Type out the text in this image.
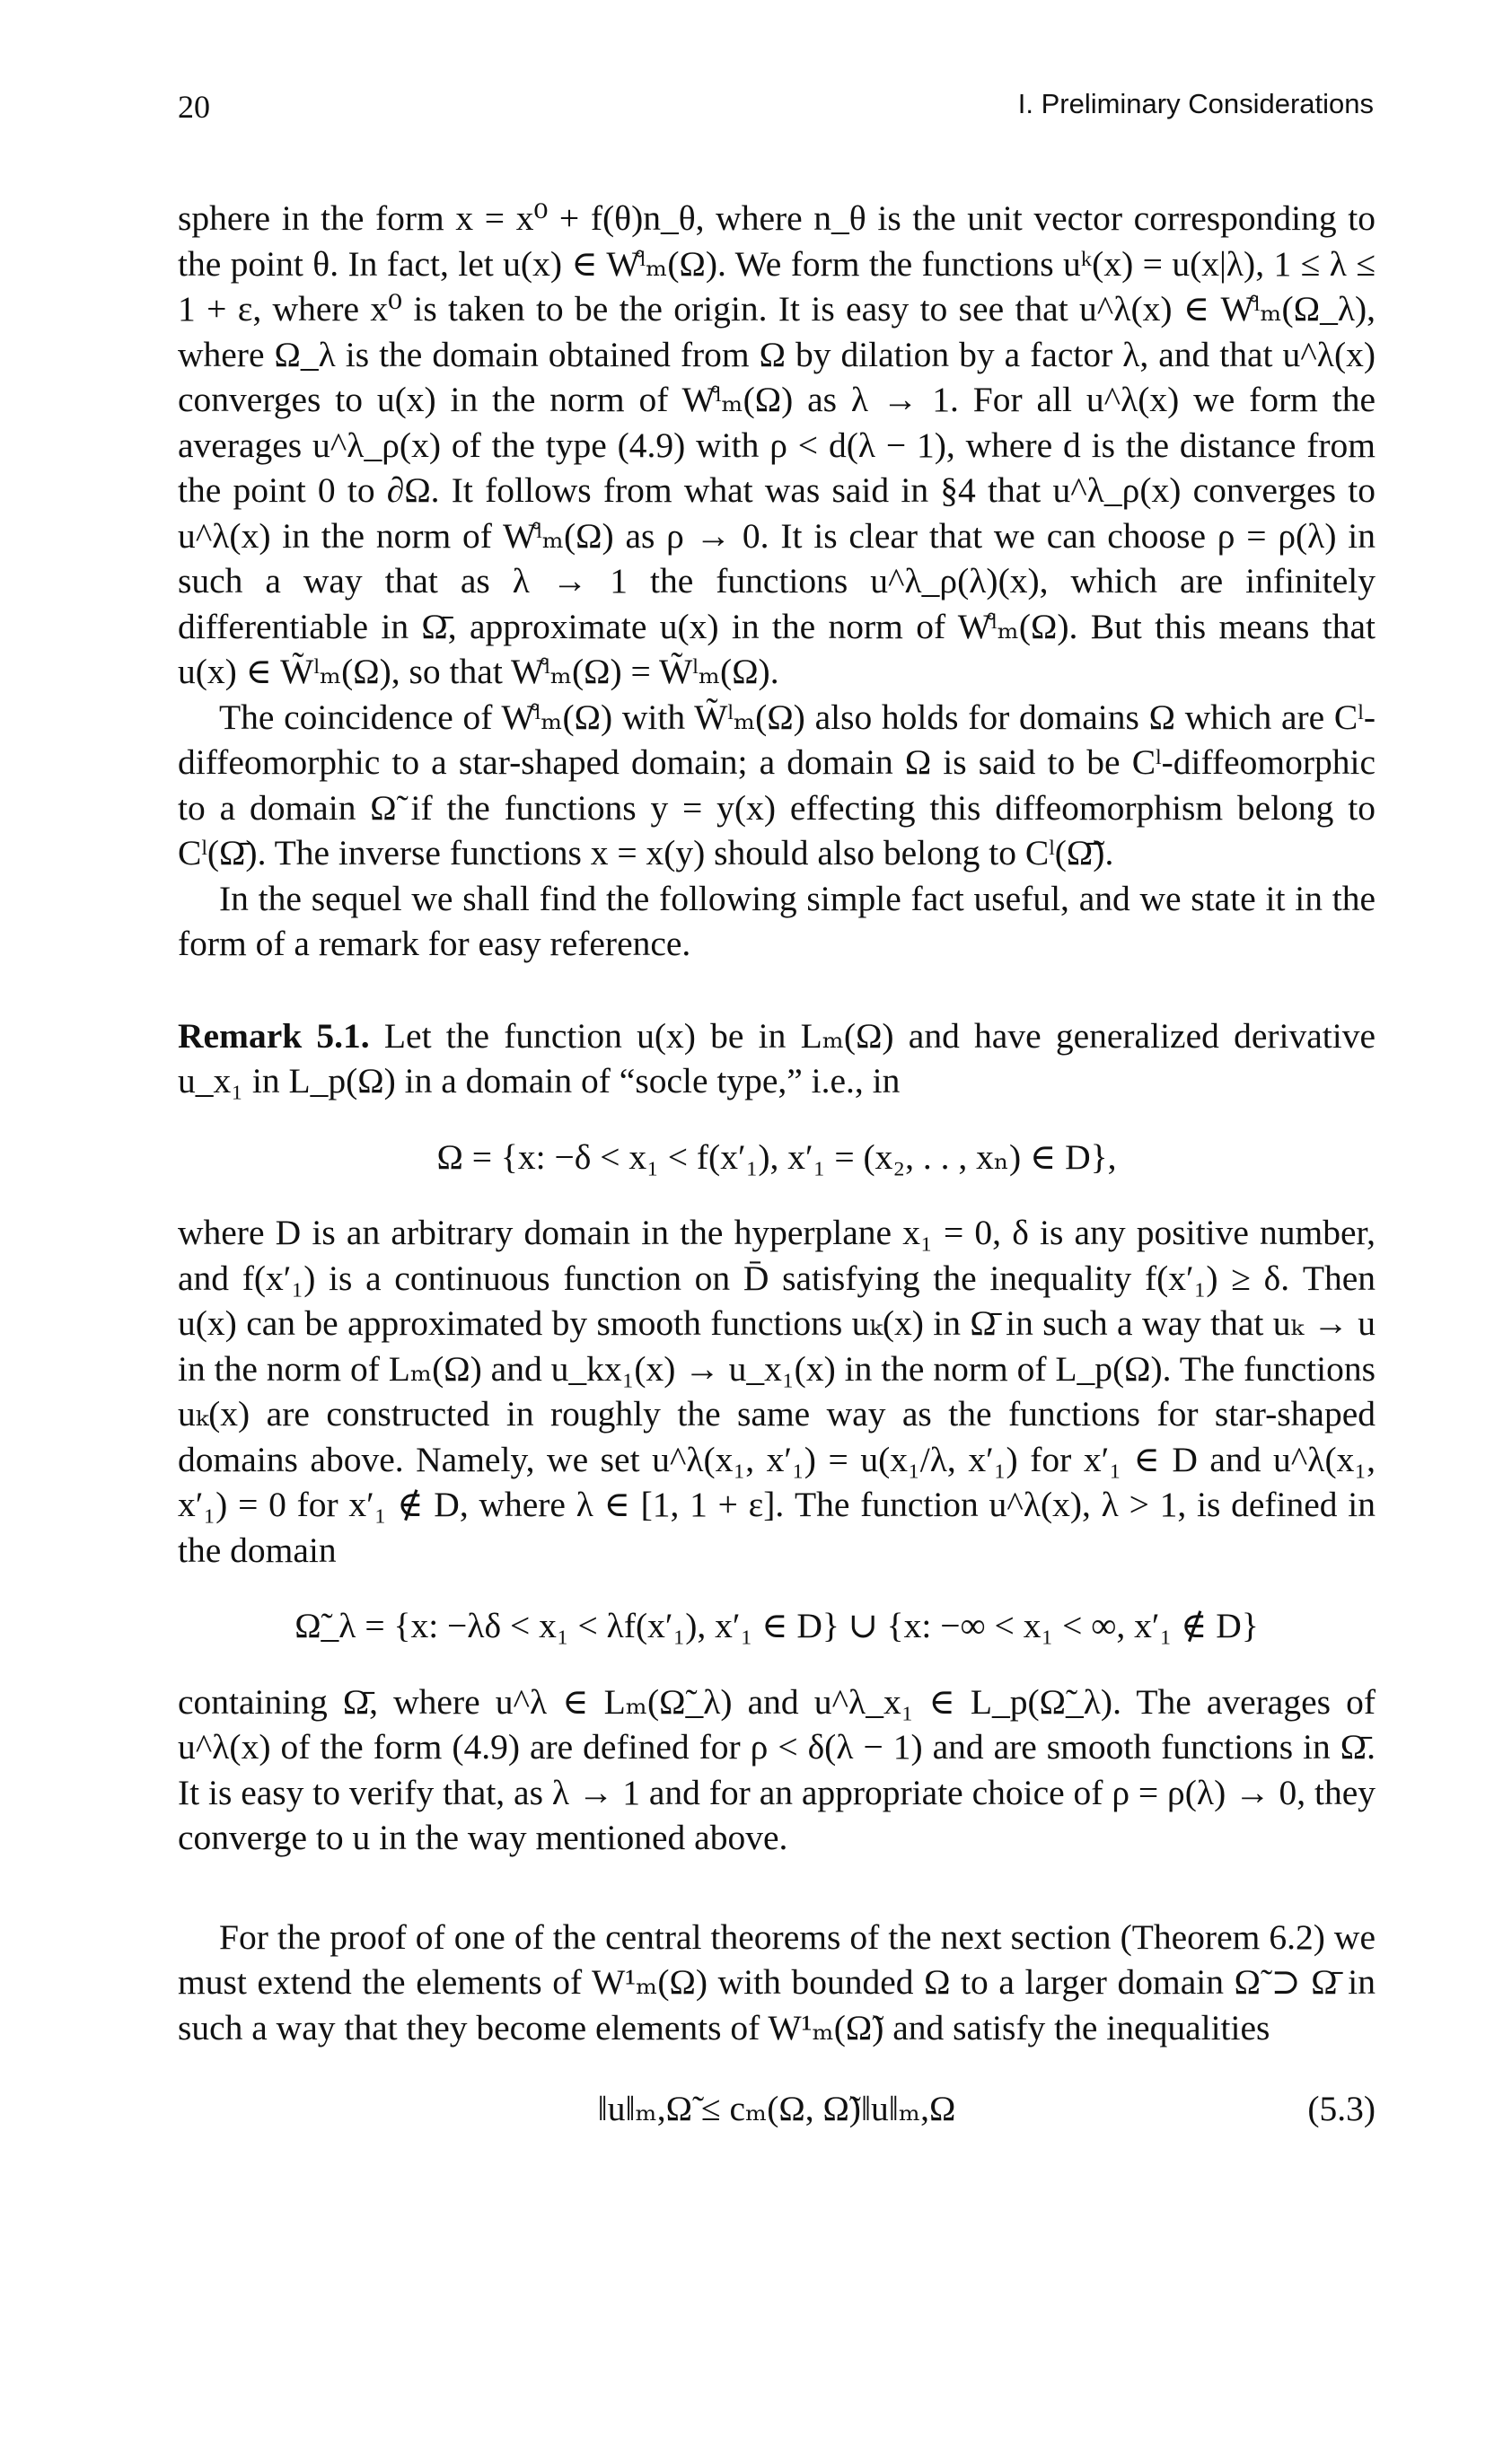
20	I. Preliminary Considerations

sphere in the form x = x⁰ + f(θ)n_θ, where n_θ is the unit vector corresponding to the point θ. In fact, let u(x) ∈ W̊ˡₘ(Ω). We form the functions uᵏ(x) = u(x|λ), 1 ≤ λ ≤ 1 + ε, where x⁰ is taken to be the origin. It is easy to see that u^λ(x) ∈ W̊ˡₘ(Ω_λ), where Ω_λ is the domain obtained from Ω by dilation by a factor λ, and that u^λ(x) converges to u(x) in the norm of W̊ˡₘ(Ω) as λ → 1. For all u^λ(x) we form the averages u^λ_ρ(x) of the type (4.9) with ρ < d(λ − 1), where d is the distance from the point 0 to ∂Ω. It follows from what was said in §4 that u^λ_ρ(x) converges to u^λ(x) in the norm of W̊ˡₘ(Ω) as ρ → 0. It is clear that we can choose ρ = ρ(λ) in such a way that as λ → 1 the functions u^λ_ρ(λ)(x), which are infinitely differentiable in Ω̄, approximate u(x) in the norm of W̊ˡₘ(Ω). But this means that u(x) ∈ W̃ˡₘ(Ω), so that W̊ˡₘ(Ω) = W̃ˡₘ(Ω).

The coincidence of W̊ˡₘ(Ω) with W̃ˡₘ(Ω) also holds for domains Ω which are Cˡ-diffeomorphic to a star-shaped domain; a domain Ω is said to be Cˡ-diffeomorphic to a domain Ω̃ if the functions y = y(x) effecting this diffeomorphism belong to Cˡ(Ω̄). The inverse functions x = x(y) should also belong to Cˡ(Ω̃̄).

In the sequel we shall find the following simple fact useful, and we state it in the form of a remark for easy reference.

Remark 5.1. Let the function u(x) be in Lₘ(Ω) and have generalized derivative u_x₁ in L_p(Ω) in a domain of “socle type,” i.e., in

Ω = {x: −δ < x₁ < f(x′₁), x′₁ = (x₂, . . , xₙ) ∈ D},

where D is an arbitrary domain in the hyperplane x₁ = 0, δ is any positive number, and f(x′₁) is a continuous function on D̄ satisfying the inequality f(x′₁) ≥ δ. Then u(x) can be approximated by smooth functions uₖ(x) in Ω̄ in such a way that uₖ → u in the norm of Lₘ(Ω) and u_kx₁(x) → u_x₁(x) in the norm of L_p(Ω). The functions uₖ(x) are constructed in roughly the same way as the functions for star-shaped domains above. Namely, we set u^λ(x₁, x′₁) = u(x₁/λ, x′₁) for x′₁ ∈ D and u^λ(x₁, x′₁) = 0 for x′₁ ∉ D, where λ ∈ [1, 1 + ε]. The function u^λ(x), λ > 1, is defined in the domain

Ω̃_λ = {x: −λδ < x₁ < λf(x′₁), x′₁ ∈ D} ∪ {x: −∞ < x₁ < ∞, x′₁ ∉ D}

containing Ω̄, where u^λ ∈ Lₘ(Ω̃_λ) and u^λ_x₁ ∈ L_p(Ω̃_λ). The averages of u^λ(x) of the form (4.9) are defined for ρ < δ(λ − 1) and are smooth functions in Ω̄. It is easy to verify that, as λ → 1 and for an appropriate choice of ρ = ρ(λ) → 0, they converge to u in the way mentioned above.

For the proof of one of the central theorems of the next section (Theorem 6.2) we must extend the elements of W¹ₘ(Ω) with bounded Ω to a larger domain Ω̃ ⊃ Ω̄ in such a way that they become elements of W¹ₘ(Ω̃) and satisfy the inequalities

‖u‖ₘ,Ω̃ ≤ cₘ(Ω, Ω̃)‖u‖ₘ,Ω	(5.3)
